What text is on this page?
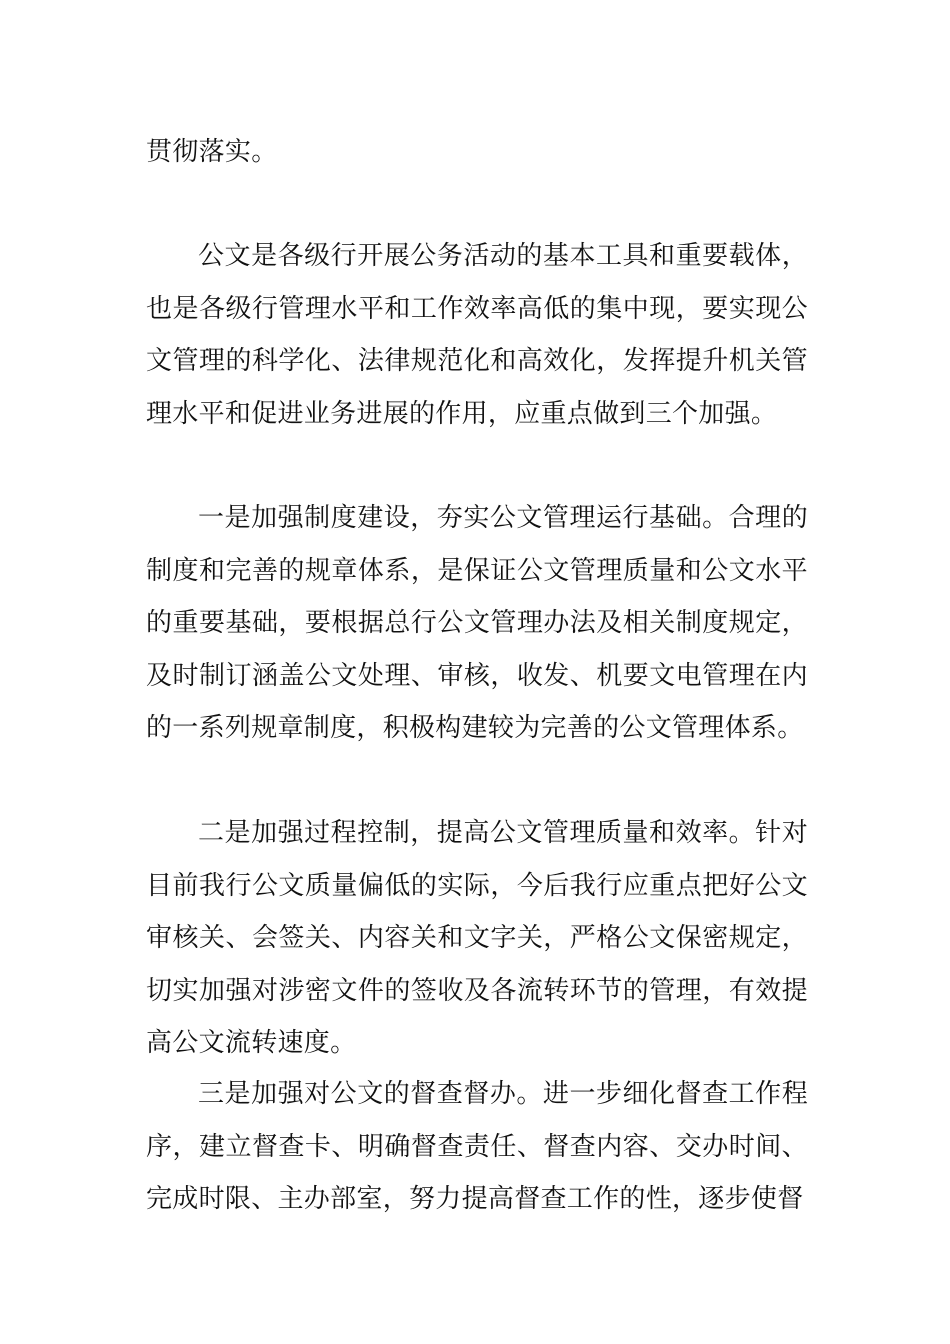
贯彻落实。

公文是各级行开展公务活动的基本工具和重要载体，也是各级行管理水平和工作效率高低的集中现，要实现公文管理的科学化、法律规范化和高效化，发挥提升机关管理水平和促进业务进展的作用，应重点做到三个加强。

一是加强制度建设，夯实公文管理运行基础。合理的制度和完善的规章体系，是保证公文管理质量和公文水平的重要基础，要根据总行公文管理办法及相关制度规定，及时制订涵盖公文处理、审核，收发、机要文电管理在内的一系列规章制度，积极构建较为完善的公文管理体系。

二是加强过程控制，提高公文管理质量和效率。针对目前我行公文质量偏低的实际，今后我行应重点把好公文审核关、会签关、内容关和文字关，严格公文保密规定，切实加强对涉密文件的签收及各流转环节的管理，有效提高公文流转速度。

三是加强对公文的督查督办。进一步细化督查工作程序，建立督查卡、明确督查责任、督查内容、交办时间、完成时限、主办部室，努力提高督查工作的性，逐步使督
